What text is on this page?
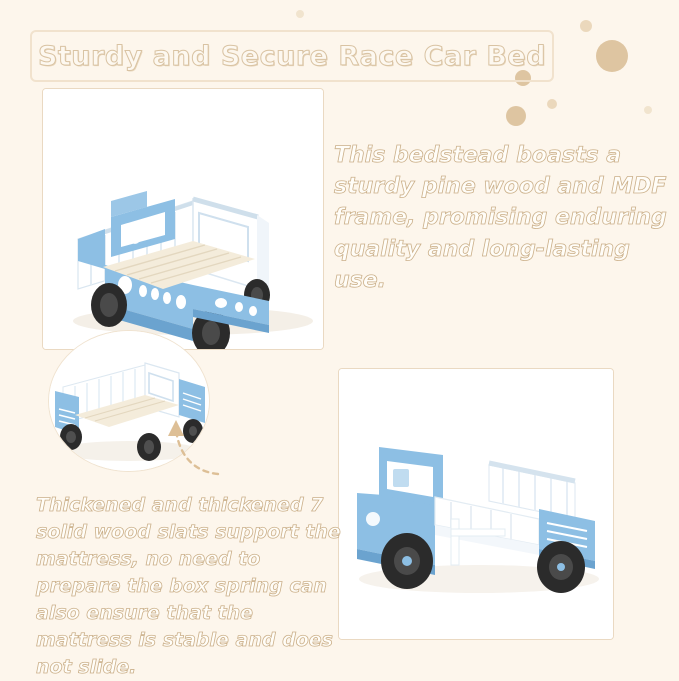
Sturdy and Secure Race Car Bed
This bedstead boasts a sturdy pine wood and MDF frame, promising enduring quality and long-lasting use.
Thickened and thickened 7 solid wood slats support the mattress, no need to prepare the box spring can also ensure that the mattress is stable and does not slide.
